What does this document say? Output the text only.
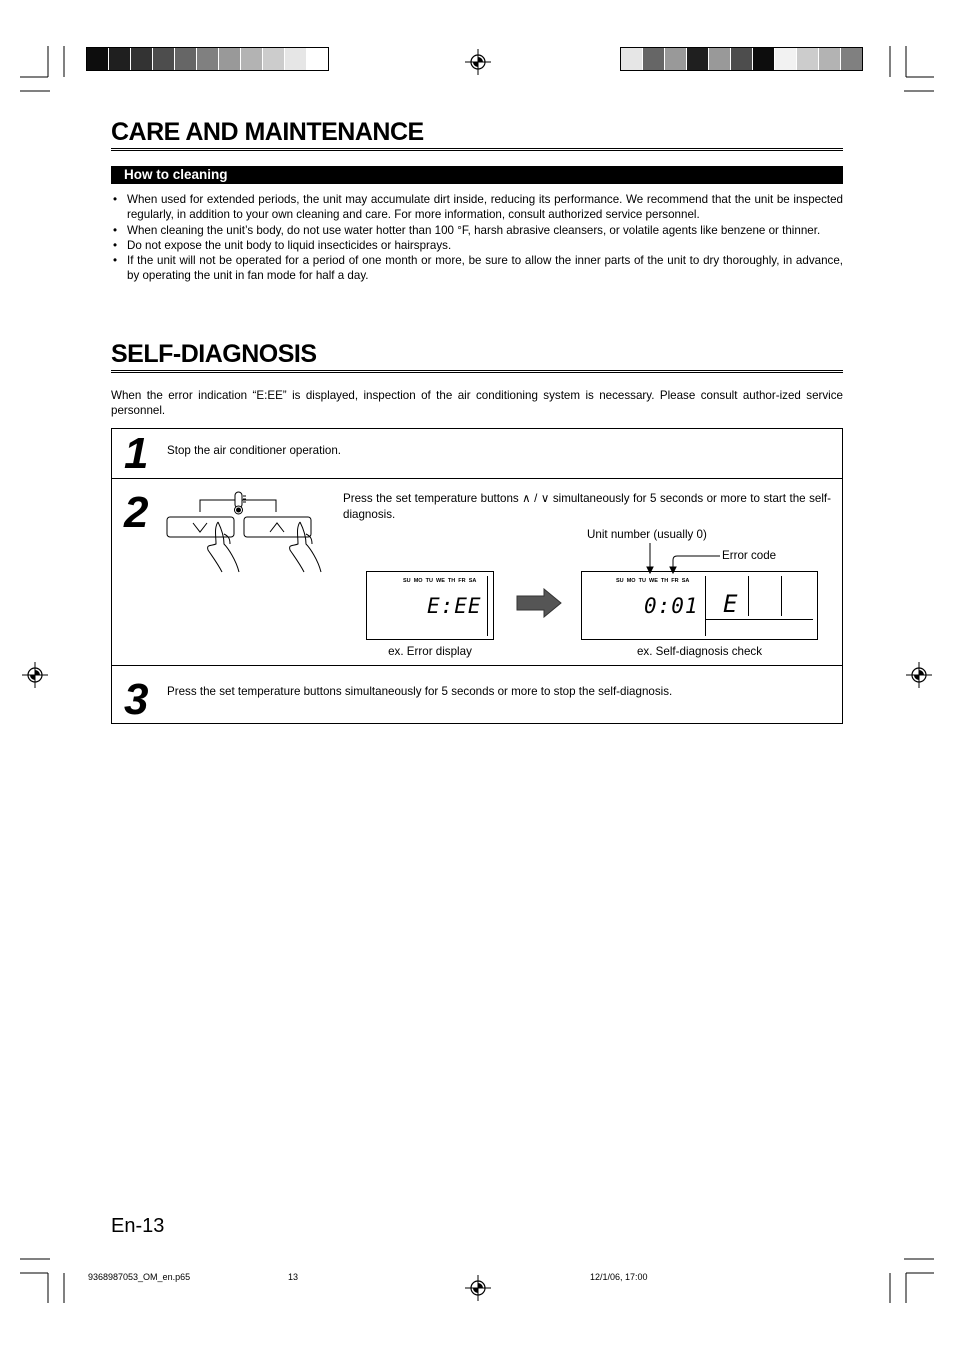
CARE AND MAINTENANCE
How to cleaning
• When used for extended periods, the unit may accumulate dirt inside, reducing its performance. We recommend that the unit be inspected regularly, in addition to your own cleaning and care. For more information, consult authorized service personnel.
• When cleaning the unit’s body, do not use water hotter than 100 °F, harsh abrasive cleansers, or volatile agents like benzene or thinner.
• Do not expose the unit body to liquid insecticides or hairsprays.
• If the unit will not be operated for a period of one month or more, be sure to allow the inner parts of the unit to dry thoroughly, in advance, by operating the unit in fan mode for half a day.
SELF-DIAGNOSIS
When the error indication “E:EE” is displayed, inspection of the air conditioning system is necessary. Please consult author-ized service personnel.
1 Stop the air conditioner operation.
2	Press the set temperature buttons ∧ / ∨ simultaneously for 5 seconds or more to start the self-diagnosis.
Unit number (usually 0)
Error code
SU  MO  TU  WE  TH  FR  SA
E:EE
SU  MO  TU  WE  TH  FR  SA
0:01 E
ex. Error display	ex. Self-diagnosis check
3 Press the set temperature buttons simultaneously for 5 seconds or more to stop the self-diagnosis.
En-13
9368987053_OM_en.p65	13	12/1/06, 17:00
